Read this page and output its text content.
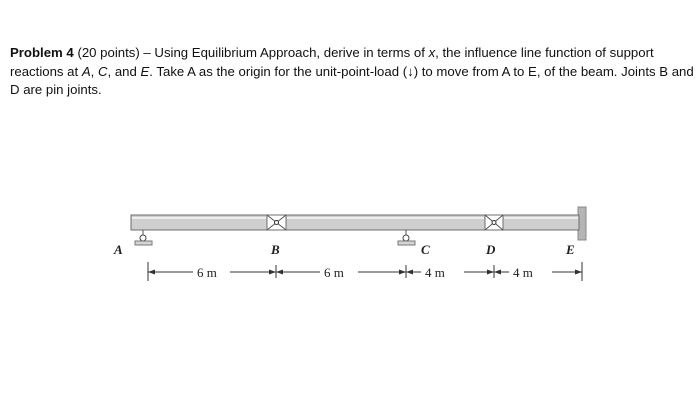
Problem 4 (20 points) – Using Equilibrium Approach, derive in terms of x, the influence line function of support reactions at A, C, and E. Take A as the origin for the unit-point-load (↓) to move from A to E, of the beam. Joints B and D are pin joints.
A	B	C	D	E
6 m	6 m	4 m	4 m
